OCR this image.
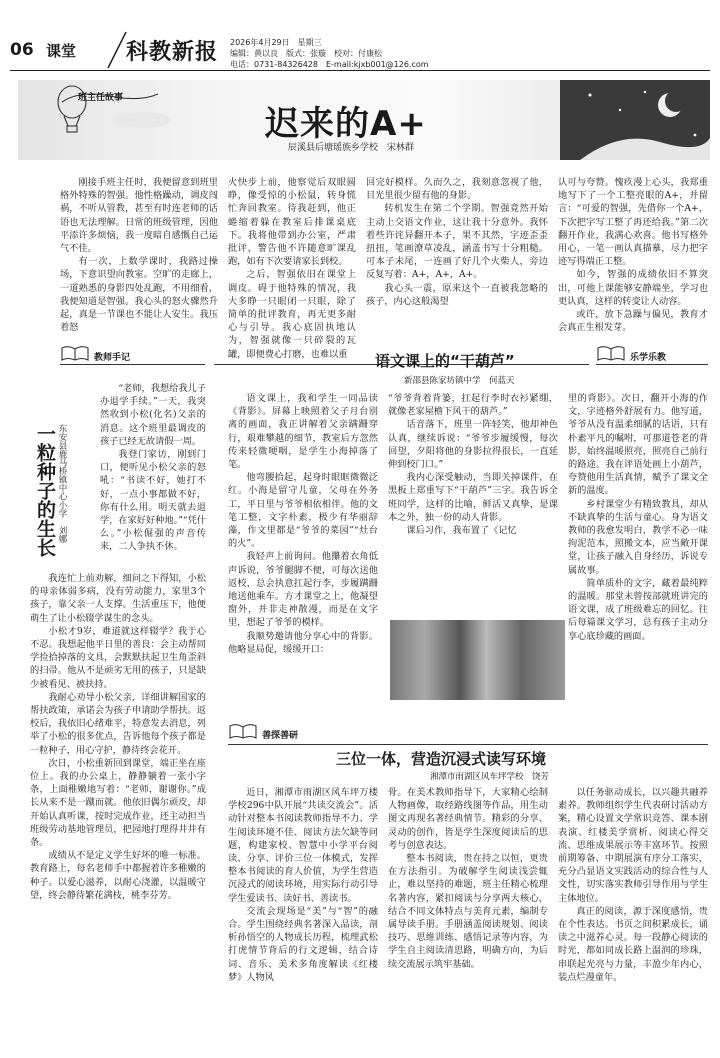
06 课堂 科教新报 2026年4月29日　星期三
编辑：黄以良　版式：张璇　校对：付康松
电话：0731-84326428　E-mail:kjxb001@126.com
班主任故事
迟来的A+
辰溪县后塘瑶族乡学校　宋林群

刚接手班主任时，我便留意到班里格外特殊的智强。他性格躁动，调皮闯祸，不听从管教，甚至有时连老师的话语也无法理解。日常的班级管理，因他平添许多烦恼，我一度暗自感慨自己运气不佳。

有一次，上数学课时，我路过操场，下意识望向教室。空旷的走廊上，一道熟悉的身影四处乱跑，不用细看，我便知道是智强。我心头的怒火骤然升起，真是一节课也不能让人安生。我压着怒

火快步上前，他察觉后双眼圆睁，像受惊的小松鼠，转身慌忙奔回教室。待我赶到，他正蜷缩着躲在教室后排课桌底下。我将他带到办公室，严肃批评，警告他不许随意旷课乱跑，如有下次要请家长到校。

之后，智强依旧在课堂上调皮。碍于他特殊的情况，我大多睁一只眼闭一只眼，除了简单的批评教育，再无更多耐心与引导。我心底固执地认为，智强就像一只碎裂的瓦罐，即便费心打磨，也难以重

回完好模样。久而久之，我刻意忽视了他，目光里很少留有他的身影。

转机发生在第二个学期。智强竟然开始主动上交语文作业，这让我十分意外。我怀着些许诧异翻开本子，果不其然，字迹歪歪扭扭，笔画潦草凌乱，涵盖书写十分粗糙。可本子末尾，一连画了好几个火柴人，旁边反复写着：A+，A+，A+。

我心头一震，原来这个一直被我忽略的孩子，内心这般渴望

认可与夸赞。愧疚漫上心头，我郑重地写下了一个工整亮眼的A+，并留言：“可爱的智强，先借你一个A+，下次把字写工整了再还给我。”第二次翻开作业，我满心欢喜。他书写格外用心，一笔一画认真描摹，尽力把字迹写得端正工整。

如今，智强的成绩依旧不算突出，可他上课能够安静端坐，学习也更认真，这样的转变让人动容。

或许，放下急躁与偏见，教育才会真正生根发芽。

教师手记
一粒种子的生长 东安县鹿马桥镇中心小学　刘娜

“老师，我想给我儿子办退学手续。”一天，我突然收到小松(化名)父亲的消息。这个班里最调皮的孩子已经无故请假一周。

我登门家访，刚到门口，便听见小松父亲的怒吼：“书读不好，她打不好，一点小事都做不好，你有什么用。明天就去退学，在家好好种地。”“凭什么。”小松倔强的声音传来，二人争执不休。

我连忙上前劝解，细问之下得知，小松的母亲体弱多病，没有劳动能力，家里3个孩子，靠父亲一人支撑。生活重压下，他便萌生了让小松辍学谋生的念头。

小松才9岁，难道就这样辍学？我于心不忍。我想起他平日里的善良：会主动帮同学捡拾掉落的文具，会默默扶起卫生角歪斜的扫帚。他从不是顽劣无用的孩子，只是缺少被看见、被扶持。

我耐心劝导小松父亲，详细讲解国家的帮扶政策，承诺会为孩子申请助学帮扶。返校后，我依旧心绪难平，特意发去消息，列举了小松的很多优点，告诉他每个孩子都是一粒种子，用心守护，静待终会花开。

次日，小松重新回到课堂，端正坐在座位上。我的办公桌上，静静躺着一张小字条，上面稚嫩地写着：“老师，谢谢你。”成长从来不是一蹴而就。他依旧偶尔顽皮，却开始认真听课，按时完成作业，还主动担当班级劳动基地管理员，把园地打理得井井有条。

成绩从不是定义学生好坏的唯一标准。教育路上，每名老师手中都握着许多稚嫩的种子。以爱心滋养，以耐心浇灌，以温暖守望，终会静待繁花满枝，桃李芬芳。

语文课上的“干葫芦”
新邵县陈家坊镇中学　何蓝天
乐学乐教

语文课上，我和学生一同品读《背影》。屏幕上映照着父子月台别离的画面，我正讲解着父亲蹒跚穿行，艰难攀越的细节，教室后方忽然传来轻微哽咽，是学生小海掉落了笔。

他弯腰拾起，起身时眼眶微微泛红。小海是留守儿童，父母在外务工，平日里与爷爷相依相伴。他的文笔工整，文字朴素，极少有华丽辞藻，作文里都是“爷爷的菜园”“灶台的火”。

我轻声上前询问。他攥着衣角低声诉说，爷爷腿脚不便，可每次送他返校，总会执意扛起行李，步履蹒跚地送他乘车。方才课堂之上，他凝望窗外，并非走神散漫，而是在文字里，想起了爷爷的模样。

我顺势邀请他分享心中的背影。他略显局促，缓缓开口：

“爷爷背着背篓，扛起行李时衣衫紧绷，就像老家屋檐下风干的葫芦。”

话音落下，班里一阵轻笑，他却神色认真，继续诉说：“爷爷步履缓慢，每次回望，夕阳将他的身影拉得很长，一直延伸到校门口。”

我内心深受触动，当即关掉课件，在黑板上郑重写下“干葫芦”三字。我告诉全班同学，这样的比喻，鲜活又真挚，是课本之外，独一份的动人背影。

课后习作，我布置了《记忆

里的背影》。次日，翻开小海的作文，字迹格外舒展有力。他写道，爷爷从没有温柔细腻的话语，只有朴素平凡的嘱咐，可那道苍老的背影，始终温暖照亮，照亮自己前行的路途。我在评语处画上小葫芦，夸赞他用生活真情，赋予了课文全新的温度。

乡村课堂少有精致教具，却从不缺真挚的生活与童心。身为语文教师的我愈发明白，教学不必一味拘泥范本，照搬文本，应当敞开课堂，让孩子融入自身经历，诉说专属故事。

简单质朴的文字，藏着最纯粹的温暖。那堂未曾按部就班讲完的语文课，成了班级难忘的回忆。往后每篇课文学习，总有孩子主动分享心底珍藏的画面。

善探善研
三位一体，营造沉浸式读写环境
湘潭市雨湖区风车坪学校　饶芳

近日，湘潭市雨湖区风车坪万楼学校296中队开展“共读交流会”。活动针对整本书阅读教师指导不力、学生阅读环境不佳、阅读方法欠缺等问题，构建家校、智慧中小学平台阅读、分享、评价三位一体模式，发挥整本书阅读的育人价值，为学生营造沉浸式的阅读环境，用实际行动引导学生爱读书、读好书、善读书。

交流会现场是“美”与“智”的融合。学生围绕经典名著深入品读，剖析孙悟空的人物成长历程，梳理武松打虎情节背后的行文逻辑，结合诗词、音乐、美术多角度解读《红楼梦》人物风

骨。在美术教师指导下，大家精心绘制人物画像，取经路线图等作品，用生动图文再现名著经典情节。精彩的分享、灵动的创作，皆是学生深度阅读后的思考与创意表达。

整本书阅读，贵在持之以恒，更贵在方法指引。为破解学生阅读浅尝辄止，难以坚持的难题，班主任精心梳理名著内容，紧扣阅读与分享两大核心，结合不同文体特点与美育元素，编制专属导读手册。手册涵盖阅读规划、阅读技巧、思维训练、感悟记录等内容，为学生自主阅读清思路，明确方向，为后续交流展示筑牢基础。

以任务驱动成长，以兴趣共融养素养。教师组织学生代表研讨活动方案，精心设置文学常识竞答、课本剧表演、红楼美学赏析、阅读心得交流、思维成果展示等丰富环节。按照前期筹备、中期展演有序分工落实，充分凸显语文实践活动的综合性与人文性，切实落实教师引导作用与学生主体地位。

真正的阅读，源于深度感悟，贵在个性表达。书页之间积累成长，诵读之中滋养心灵。每一段静心阅读的时光，都如同成长路上温润的珍珠，串联起光亮与力量，丰盈少年内心，装点烂漫童年。
